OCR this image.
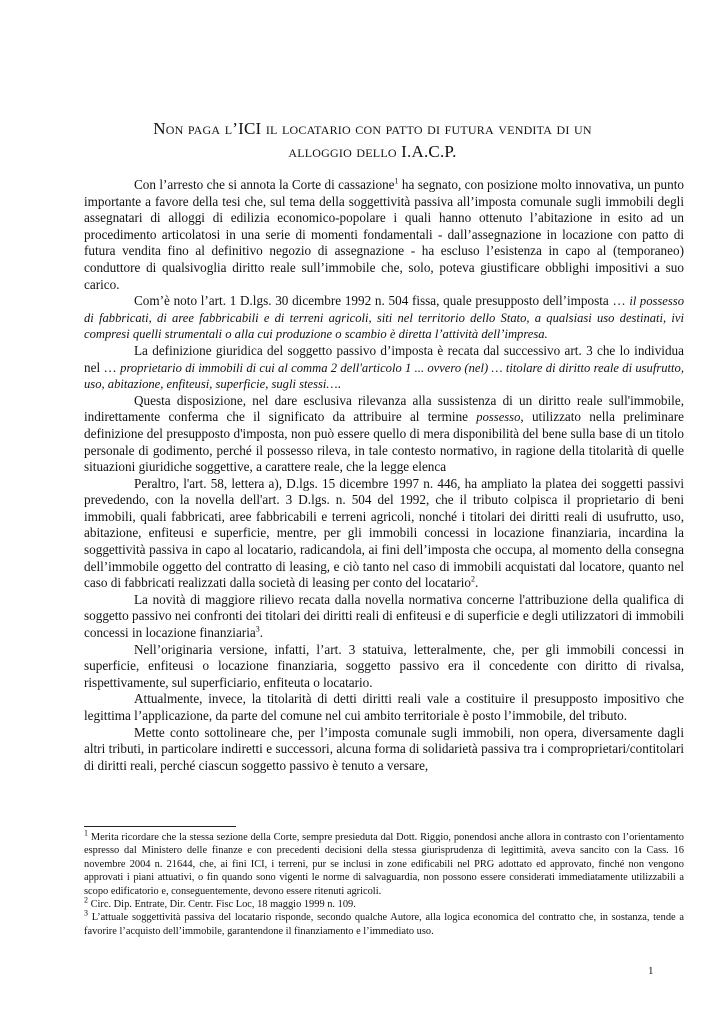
Non paga l’ICI il locatario con patto di futura vendita di un
alloggio dello I.A.C.P.

Con l’arresto che si annota la Corte di cassazione$^1$ ha segnato, con posizione molto innovativa, un punto importante a favore della tesi che, sul tema della soggettività passiva all’imposta comunale sugli immobili degli assegnatari di alloggi di edilizia economico-popolare i quali hanno ottenuto l’abitazione in esito ad un procedimento articolatosi in una serie di momenti fondamentali - dall’assegnazione in locazione con patto di futura vendita fino al definitivo negozio di assegnazione - ha escluso l’esistenza in capo al (temporaneo) conduttore di qualsivoglia diritto reale sull’immobile che, solo, poteva giustificare obblighi impositivi a suo carico.

Com’è noto l’art. 1 D.lgs. 30 dicembre 1992 n. 504 fissa, quale presupposto dell’imposta … il possesso di fabbricati, di aree fabbricabili e di terreni agricoli, siti nel territorio dello Stato, a qualsiasi uso destinati, ivi compresi quelli strumentali o alla cui produzione o scambio è diretta l’attività dell’impresa.

La definizione giuridica del soggetto passivo d’imposta è recata dal successivo art. 3 che lo individua nel … proprietario di immobili di cui al comma 2 dell'articolo 1 ... ovvero (nel) … titolare di diritto reale di usufrutto, uso, abitazione, enfiteusi, superficie, sugli stessi….

Questa disposizione, nel dare esclusiva rilevanza alla sussistenza di un diritto reale sull'immobile, indirettamente conferma che il significato da attribuire al termine possesso, utilizzato nella preliminare definizione del presupposto d'imposta, non può essere quello di mera disponibilità del bene sulla base di un titolo personale di godimento, perché il possesso rileva, in tale contesto normativo, in ragione della titolarità di quelle situazioni giuridiche soggettive, a carattere reale, che la legge elenca

Peraltro, l'art. 58, lettera a), D.lgs. 15 dicembre 1997 n. 446, ha ampliato la platea dei soggetti passivi prevedendo, con la novella dell'art. 3 D.lgs. n. 504 del 1992, che il tributo colpisca il proprietario di beni immobili, quali fabbricati, aree fabbricabili e terreni agricoli, nonché i titolari dei diritti reali di usufrutto, uso, abitazione, enfiteusi e superficie, mentre, per gli immobili concessi in locazione finanziaria, incardina la soggettività passiva in capo al locatario, radicandola, ai fini dell’imposta che occupa, al momento della consegna dell’immobile oggetto del contratto di leasing, e ciò tanto nel caso di immobili acquistati dal locatore, quanto nel caso di fabbricati realizzati dalla società di leasing per conto del locatario$^2$.

La novità di maggiore rilievo recata dalla novella normativa concerne l'attribuzione della qualifica di soggetto passivo nei confronti dei titolari dei diritti reali di enfiteusi e di superficie e degli utilizzatori di immobili concessi in locazione finanziaria$^3$.

Nell’originaria versione, infatti, l’art. 3 statuiva, letteralmente, che, per gli immobili concessi in superficie, enfiteusi o locazione finanziaria, soggetto passivo era il concedente con diritto di rivalsa, rispettivamente, sul superficiario, enfiteuta o locatario.

Attualmente, invece, la titolarità di detti diritti reali vale a costituire il presupposto impositivo che legittima l’applicazione, da parte del comune nel cui ambito territoriale è posto l’immobile, del tributo.

Mette conto sottolineare che, per l’imposta comunale sugli immobili, non opera, diversamente dagli altri tributi, in particolare indiretti e successori, alcuna forma di solidarietà passiva tra i comproprietari/contitolari di diritti reali, perché ciascun soggetto passivo è tenuto a versare,

$^1$ Merita ricordare che la stessa sezione della Corte, sempre presieduta dal Dott. Riggio, ponendosi anche allora in contrasto con l’orientamento espresso dal Ministero delle finanze e con precedenti decisioni della stessa giurisprudenza di legittimità, aveva sancito con la Cass. 16 novembre 2004 n. 21644, che, ai fini ICI, i terreni, pur se inclusi in zone edificabili nel PRG adottato ed approvato, finché non vengono approvati i piani attuativi, o fin quando sono vigenti le norme di salvaguardia, non possono essere considerati immediatamente utilizzabili a scopo edificatorio e, conseguentemente, devono essere ritenuti agricoli.

$^2$ Circ. Dip. Entrate, Dir. Centr. Fisc Loc, 18 maggio 1999 n. 109.

$^3$ L’attuale soggettività passiva del locatario risponde, secondo qualche Autore, alla logica economica del contratto che, in sostanza, tende a favorire l’acquisto dell’immobile, garantendone il finanziamento e l’immediato uso.

1
